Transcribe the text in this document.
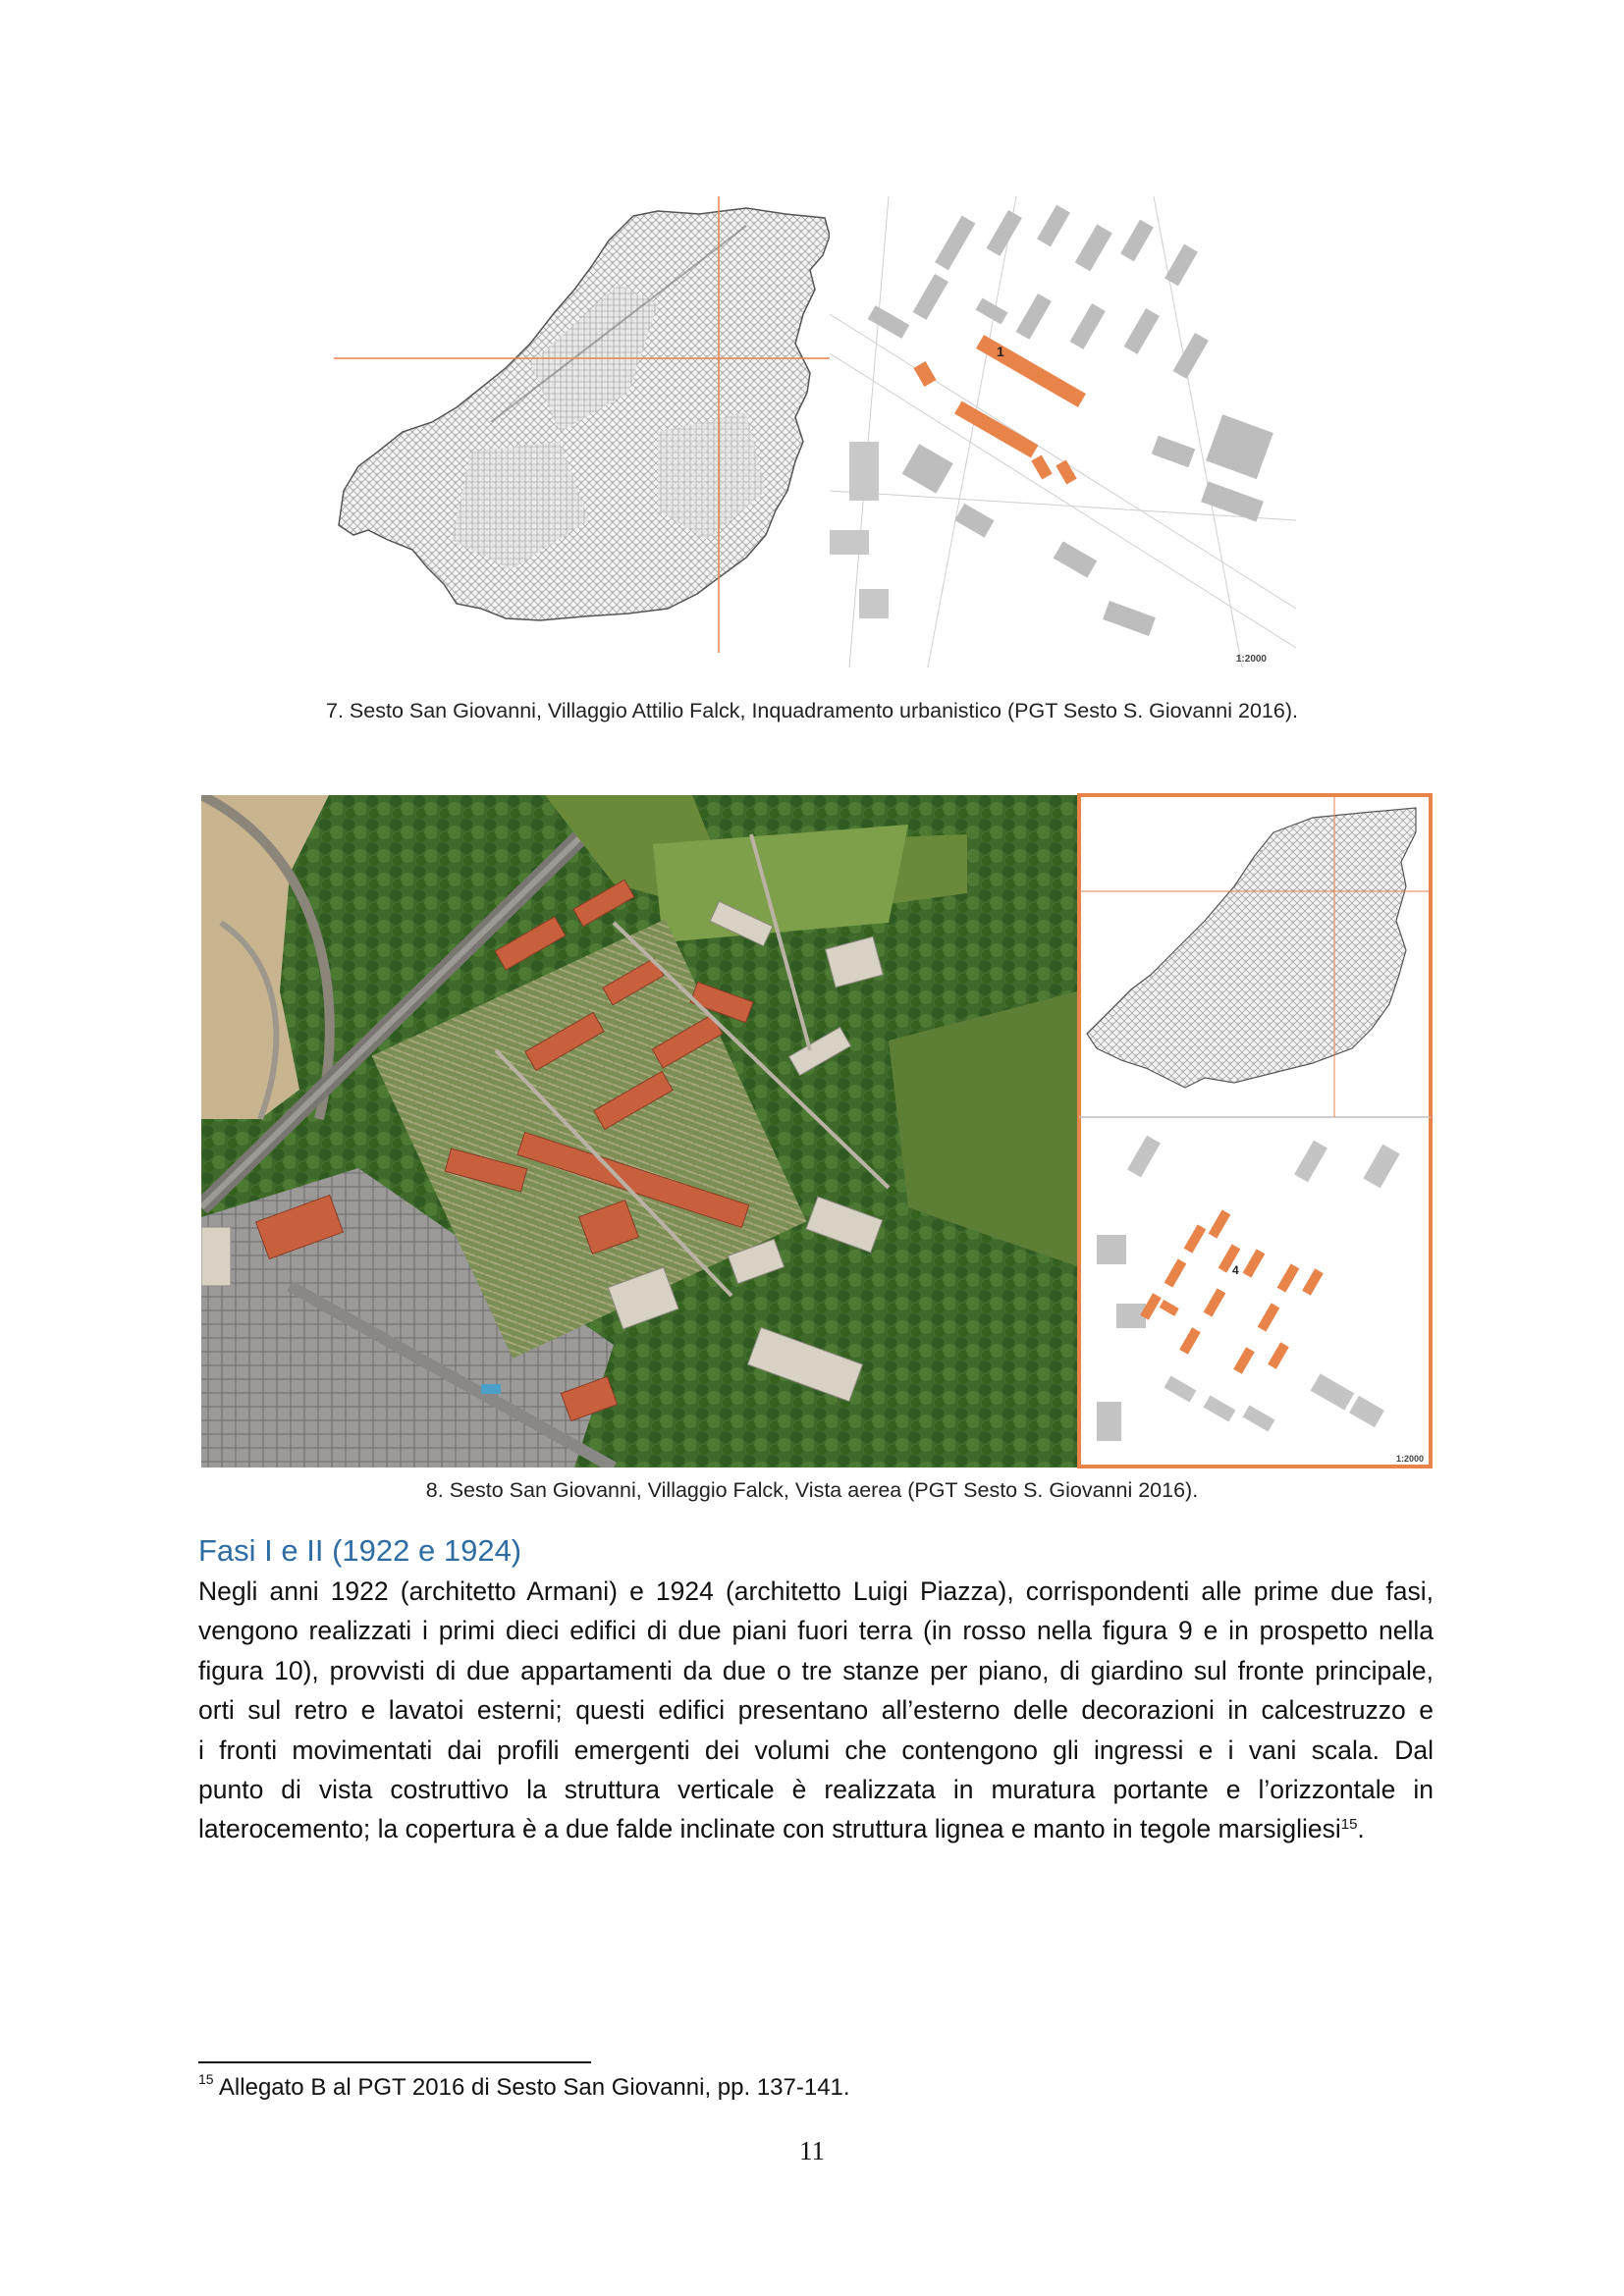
1
1:2000
7. Sesto San Giovanni, Villaggio Attilio Falck, Inquadramento urbanistico (PGT Sesto S. Giovanni 2016).
4
1:2000
8. Sesto San Giovanni, Villaggio Falck, Vista aerea (PGT Sesto S. Giovanni 2016).
Fasi I e II (1922 e 1924)
Negli anni 1922 (architetto Armani) e 1924 (architetto Luigi Piazza), corrispondenti alle prime due fasi,
vengono realizzati i primi dieci edifici di due piani fuori terra (in rosso nella figura 9 e in prospetto nella
figura 10), provvisti di due appartamenti da due o tre stanze per piano, di giardino sul fronte principale,
orti sul retro e lavatoi esterni; questi edifici presentano all’esterno delle decorazioni in calcestruzzo e
i fronti movimentati dai profili emergenti dei volumi che contengono gli ingressi e i vani scala. Dal
punto di vista costruttivo la struttura verticale è realizzata in muratura portante e l’orizzontale in
laterocemento; la copertura è a due falde inclinate con struttura lignea e manto in tegole marsigliesi$^{15}$.
$^{15}$ Allegato B al PGT 2016 di Sesto San Giovanni, pp. 137-141.
11
